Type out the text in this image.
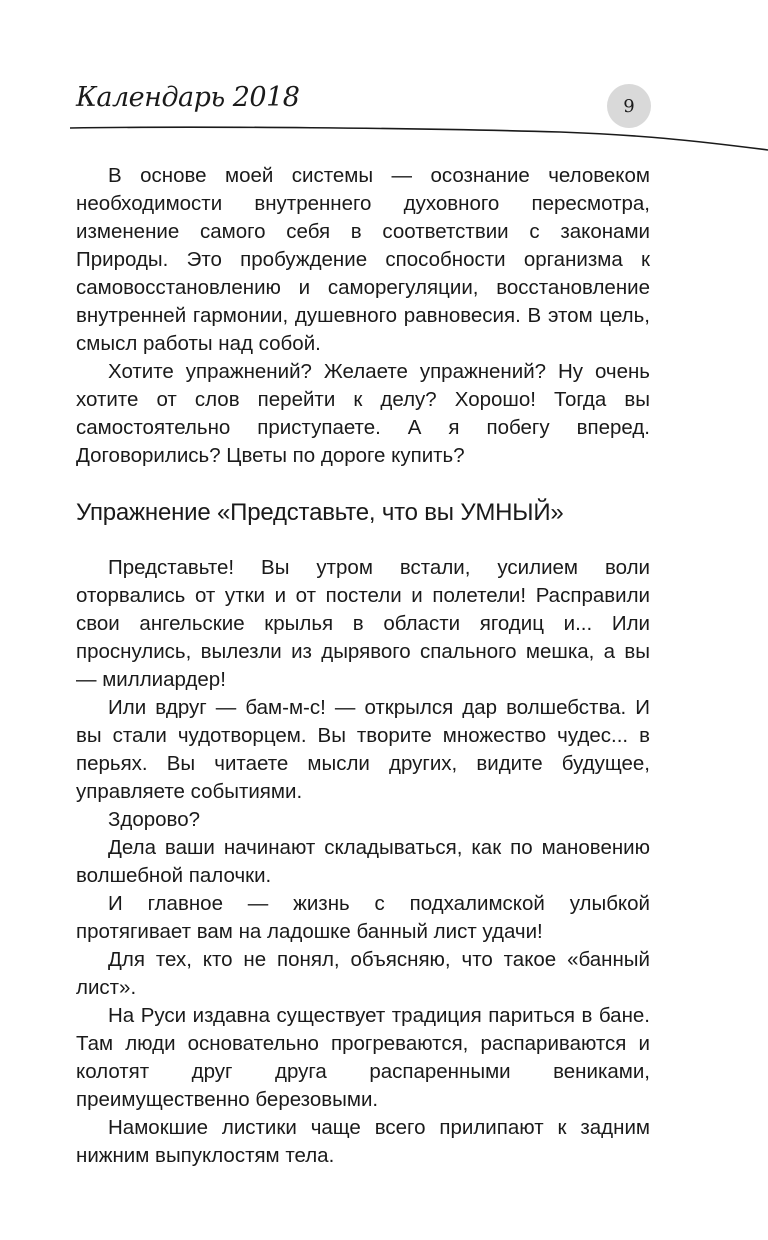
Календарь 2018	9

В основе моей системы — осознание человеком необходимости внутреннего духовного пересмотра, изменение самого себя в соответствии с законами Природы. Это пробуждение способности организма к самовосстановлению и саморегуляции, восстановление внутренней гармонии, душевного равновесия. В этом цель, смысл работы над собой.

Хотите упражнений? Желаете упражнений? Ну очень хотите от слов перейти к делу? Хорошо! Тогда вы самостоятельно приступаете. А я побегу вперед. Договорились? Цветы по дороге купить?

Упражнение «Представьте, что вы УМНЫЙ»

Представьте! Вы утром встали, усилием воли оторвались от утки и от постели и полетели! Расправили свои ангельские крылья в области ягодиц и... Или проснулись, вылезли из дырявого спального мешка, а вы — миллиардер!

Или вдруг — бам-м-с! — открылся дар волшебства. И вы стали чудотворцем. Вы творите множество чудес... в перьях. Вы читаете мысли других, видите будущее, управляете событиями.

Здорово?

Дела ваши начинают складываться, как по мановению волшебной палочки.

И главное — жизнь с подхалимской улыбкой протягивает вам на ладошке банный лист удачи!

Для тех, кто не понял, объясняю, что такое «банный лист».

На Руси издавна существует традиция париться в бане. Там люди основательно прогреваются, распариваются и колотят друг друга распаренными вениками, преимущественно березовыми.

Намокшие листики чаще всего прилипают к задним нижним выпуклостям тела.
